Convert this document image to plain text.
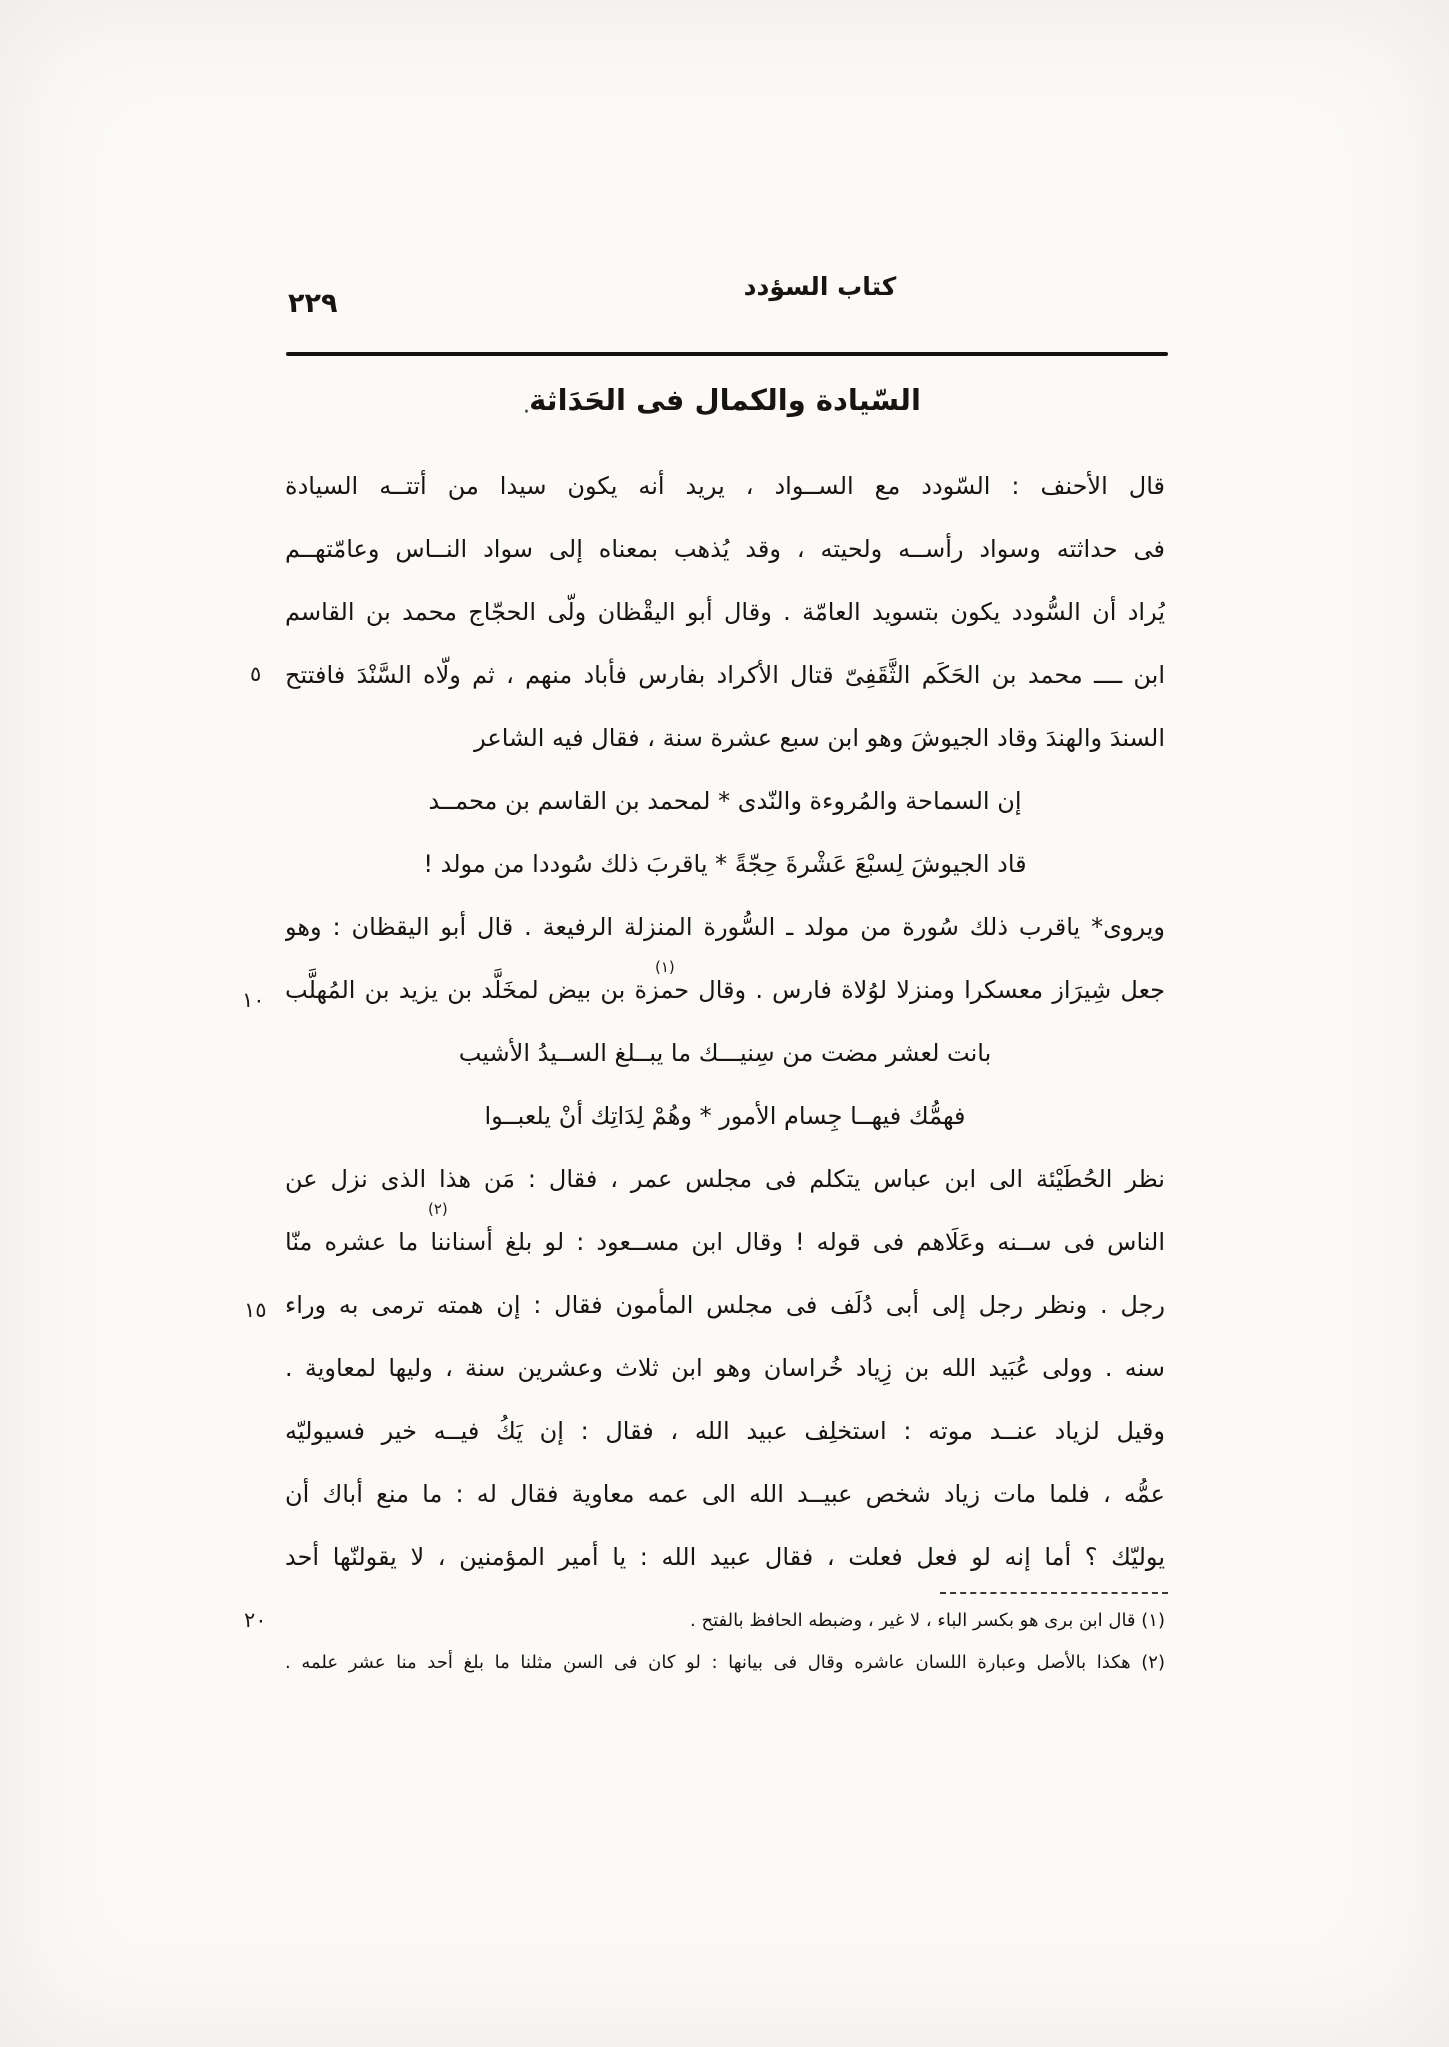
٢٢٩
كتاب السؤدد
السّيادة والكمال فى الحَدَاثة
·
قال الأحنف : السّودد مع الســواد ، يريد أنه يكون سيدا من أتتــه السيادة
فى حداثته وسواد رأســه ولحيته ، وقد يُذهب بمعناه إلى سواد النــاس وعامّتهــم
يُراد أن السُّودد يكون بتسويد العامّة . وقال أبو اليقْظان ولّى الحجّاج محمد بن القاسم
ابن ــــ محمد بن الحَكَم الثَّقَفِىّ قتال الأكراد بفارس فأباد منهم ، ثم ولّاه السَّنْدَ فافتتح
السندَ والهندَ وقاد الجيوشَ وهو ابن سبع عشرة سنة ، فقال فيه الشاعر
إن السماحة والمُروءة والنّدى * لمحمد بن القاسم بن محمــد
قاد الجيوشَ لِسبْعَ عَشْرةَ حِجّةً * ياقربَ ذلك سُوددا من مولد !
ويروى* ياقرب ذلك سُورة من مولد ـ السُّورة المنزلة الرفيعة . قال أبو اليقظان : وهو
جعل شِيرَاز معسكرا ومنزلا لوُلاة فارس . وقال حمزة بن بيض لمخَلَّد بن يزيد بن المُهلَّب
بانت لعشر مضت من سِنيـــك ما يبــلغ الســيدُ الأشيب
فهمُّك فيهــا جِسام الأمور * وهُمْ لِدَاتِك أنْ يلعبــوا
نظر الحُطَيْئة الى ابن عباس يتكلم فى مجلس عمر ، فقال : مَن هذا الذى نزل عن
الناس فى ســنه وعَلَاهم فى قوله ! وقال ابن مســعود : لو بلغ أسناننا ما عشره منّا
رجل . ونظر رجل إلى أبى دُلَف فى مجلس المأمون فقال : إن همته ترمى به وراء
سنه . وولى عُبَيد الله بن زِياد خُراسان وهو ابن ثلاث وعشرين سنة ، وليها لمعاوية .
وقيل لزياد عنــد موته : استخلِف عبيد الله ، فقال : إن يَكُ فيــه خير فسيوليّه
عمُّه ، فلما مات زياد شخص عبيــد الله الى عمه معاوية فقال له : ما منع أباك أن
يوليّك ؟ أما إنه لو فعل فعلت ، فقال عبيد الله : يا أمير المؤمنين ، لا يقولنّها أحد
٥
١٠
١٥
٢٠
(١)
(٢)
(١) قال ابن برى هو بكسر الباء ، لا غير ، وضبطه الحافظ بالفتح .
(٢) هكذا بالأصل وعبارة اللسان عاشره وقال فى بيانها : لو كان فى السن مثلنا ما بلغ أحد منا عشر علمه .
